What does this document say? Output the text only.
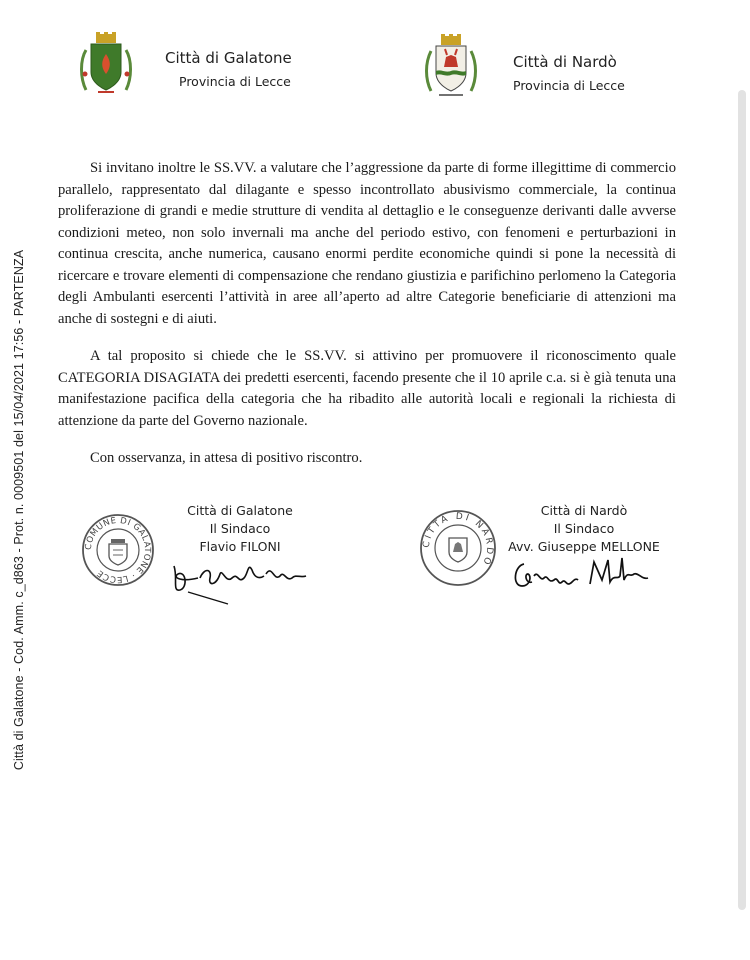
Città di Galatone - Cod. Amm. c_d863 - Prot. n. 0009501 del 15/04/2021 17:56 - PARTENZA
Città di Galatone
Provincia di Lecce
Città di Nardò
Provincia di Lecce

Si invitano inoltre le SS.VV. a valutare che l’aggressione da parte di forme illegittime di commercio parallelo, rappresentato dal dilagante e spesso incontrollato abusivismo commerciale, la continua proliferazione di grandi e medie strutture di vendita al dettaglio e le conseguenze derivanti dalle avverse condizioni meteo, non solo invernali ma anche del periodo estivo, con fenomeni e perturbazioni in continua crescita, anche numerica, causano enormi perdite economiche quindi si pone la necessità di ricercare e trovare elementi di compensazione che rendano giustizia e parifichino perlomeno la Categoria degli Ambulanti esercenti l’attività in aree all’aperto ad altre Categorie beneficiarie di attenzioni ma anche di sostegni e di aiuti.

A tal proposito si chiede che le SS.VV. si attivino per promuovere il riconoscimento quale CATEGORIA DISAGIATA dei predetti esercenti, facendo presente che il 10 aprile c.a. si è già tenuta una manifestazione pacifica della categoria che ha ribadito alle autorità locali e regionali la richiesta di attenzione da parte del Governo nazionale.

Con osservanza, in attesa di positivo riscontro.

COMUNE DI GALATONE · LECCE
Città di Galatone
Il Sindaco
Flavio FILONI	CITTÀ DI NARDÒ
Città di Nardò
Il Sindaco
Avv. Giuseppe MELLONE
